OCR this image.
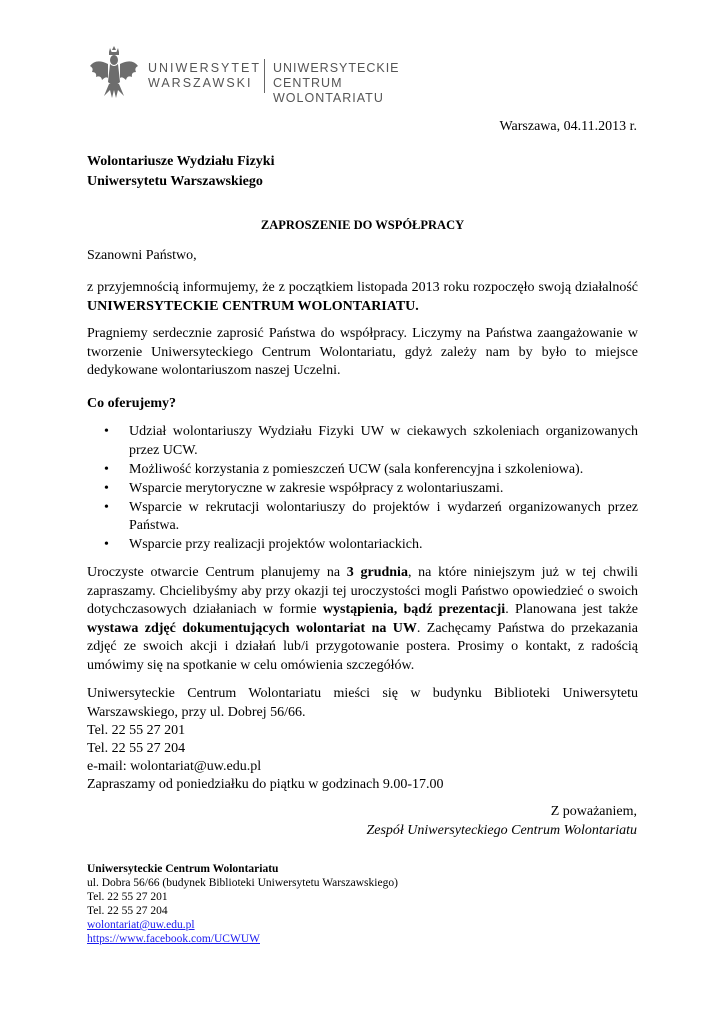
UNIWERSYTET
WARSZAWSKI
UNIWERSYTECKIE
CENTRUM WOLONTARIATU
Warszawa, 04.11.2013 r.
Wolontariusze Wydziału Fizyki
Uniwersytetu Warszawskiego
ZAPROSZENIE DO WSPÓŁPRACY
Szanowni Państwo,
z przyjemnością informujemy, że z początkiem listopada 2013 roku rozpoczęło swoją działalność UNIWERSYTECKIE CENTRUM WOLONTARIATU.
Pragniemy serdecznie zaprosić Państwa do współpracy. Liczymy na Państwa zaangażowanie w tworzenie Uniwersyteckiego Centrum Wolontariatu, gdyż zależy nam by było to miejsce dedykowane wolontariuszom naszej Uczelni.
Co oferujemy?
• Udział wolontariuszy Wydziału Fizyki UW w ciekawych szkoleniach organizowanych przez UCW.
• Możliwość korzystania z pomieszczeń UCW (sala konferencyjna i szkoleniowa).
• Wsparcie merytoryczne w zakresie współpracy z wolontariuszami.
• Wsparcie w rekrutacji wolontariuszy do projektów i wydarzeń organizowanych przez Państwa.
• Wsparcie przy realizacji projektów wolontariackich.
Uroczyste otwarcie Centrum planujemy na 3 grudnia, na które niniejszym już w tej chwili zapraszamy. Chcielibyśmy aby przy okazji tej uroczystości mogli Państwo opowiedzieć o swoich dotychczasowych działaniach w formie wystąpienia, bądź prezentacji. Planowana jest także wystawa zdjęć dokumentujących wolontariat na UW. Zachęcamy Państwa do przekazania zdjęć ze swoich akcji i działań lub/i przygotowanie postera. Prosimy o kontakt, z radością umówimy się na spotkanie w celu omówienia szczegółów.
Uniwersyteckie Centrum Wolontariatu mieści się w budynku Biblioteki Uniwersytetu Warszawskiego, przy ul. Dobrej 56/66.
Tel. 22 55 27 201
Tel. 22 55 27 204
e-mail: wolontariat@uw.edu.pl
Zapraszamy od poniedziałku do piątku w godzinach 9.00-17.00
Z poważaniem,
Zespół Uniwersyteckiego Centrum Wolontariatu
Uniwersyteckie Centrum Wolontariatu
ul. Dobra 56/66 (budynek Biblioteki Uniwersytetu Warszawskiego)
Tel. 22 55 27 201
Tel. 22 55 27 204
wolontariat@uw.edu.pl
https://www.facebook.com/UCWUW
